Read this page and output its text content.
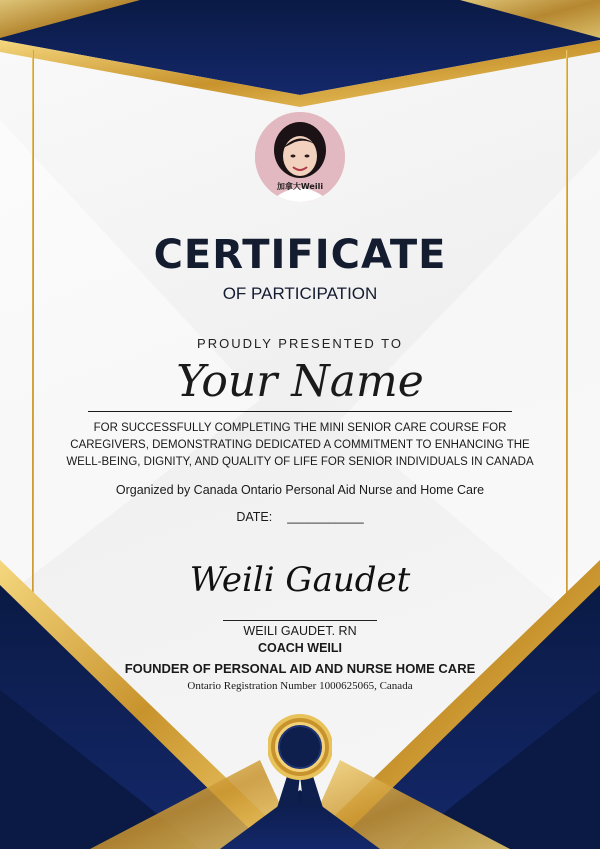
加拿大Weili
CERTIFICATE
OF PARTICIPATION
PROUDLY PRESENTED TO
Your Name
FOR SUCCESSFULLY COMPLETING THE MINI SENIOR CARE COURSE FOR CAREGIVERS, DEMONSTRATING DEDICATED A COMMITMENT TO ENHANCING THE WELL-BEING, DIGNITY, AND QUALITY OF LIFE FOR SENIOR INDIVIDUALS IN CANADA
Organized by Canada Ontario Personal Aid Nurse and Home Care
DATE: ___________
Weili Gaudet
WEILI GAUDET. RN
COACH WEILI
FOUNDER OF PERSONAL AID AND NURSE HOME CARE
Ontario Registration Number 1000625065, Canada
